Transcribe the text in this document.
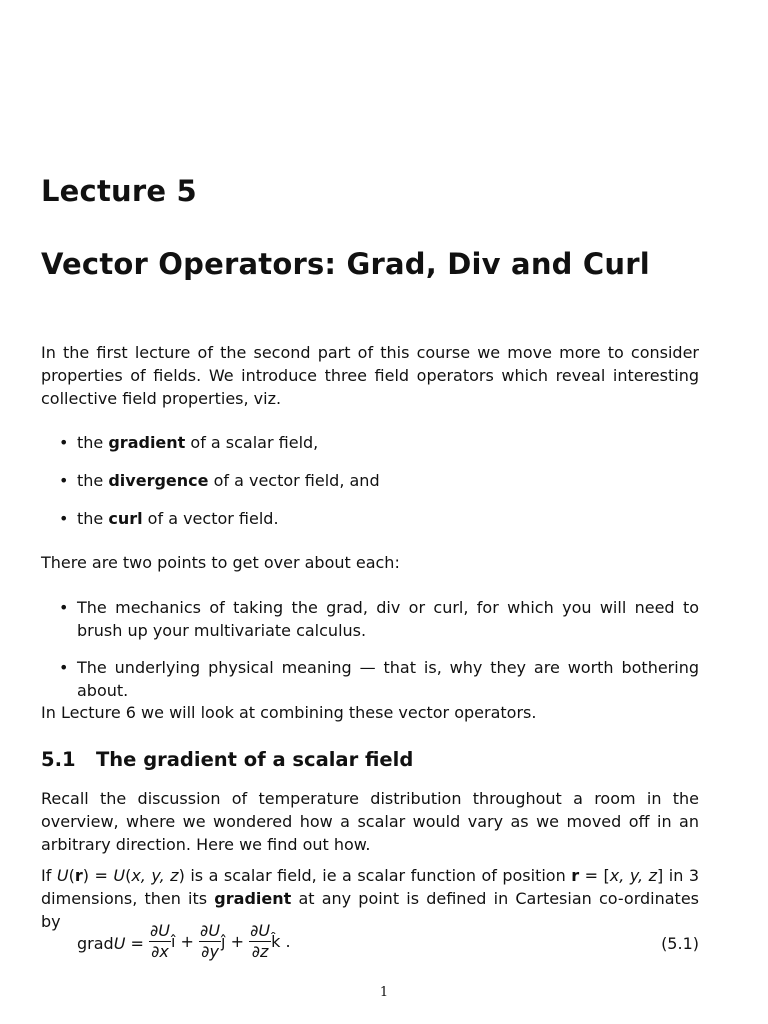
Lecture 5
Vector Operators: Grad, Div and Curl

In the first lecture of the second part of this course we move more to consider properties of fields. We introduce three field operators which reveal interesting collective field properties, viz.

• the gradient of a scalar field,
• the divergence of a vector field, and
• the curl of a vector field.

There are two points to get over about each:

• The mechanics of taking the grad, div or curl, for which you will need to brush up your multivariate calculus.
• The underlying physical meaning — that is, why they are worth bothering about.

In Lecture 6 we will look at combining these vector operators.

5.1 The gradient of a scalar field

Recall the discussion of temperature distribution throughout a room in the overview, where we wondered how a scalar would vary as we moved off in an arbitrary direction. Here we find out how.

If U(r) = U(x, y, z) is a scalar field, ie a scalar function of position r = [x, y, z] in 3 dimensions, then its gradient at any point is defined in Cartesian co-ordinates by

gradU = $\frac{\partial U}{\partial x}$ î + $\frac{\partial U}{\partial y}$ ĵ + $\frac{\partial U}{\partial z}$ k̂ .	(5.1)
1
